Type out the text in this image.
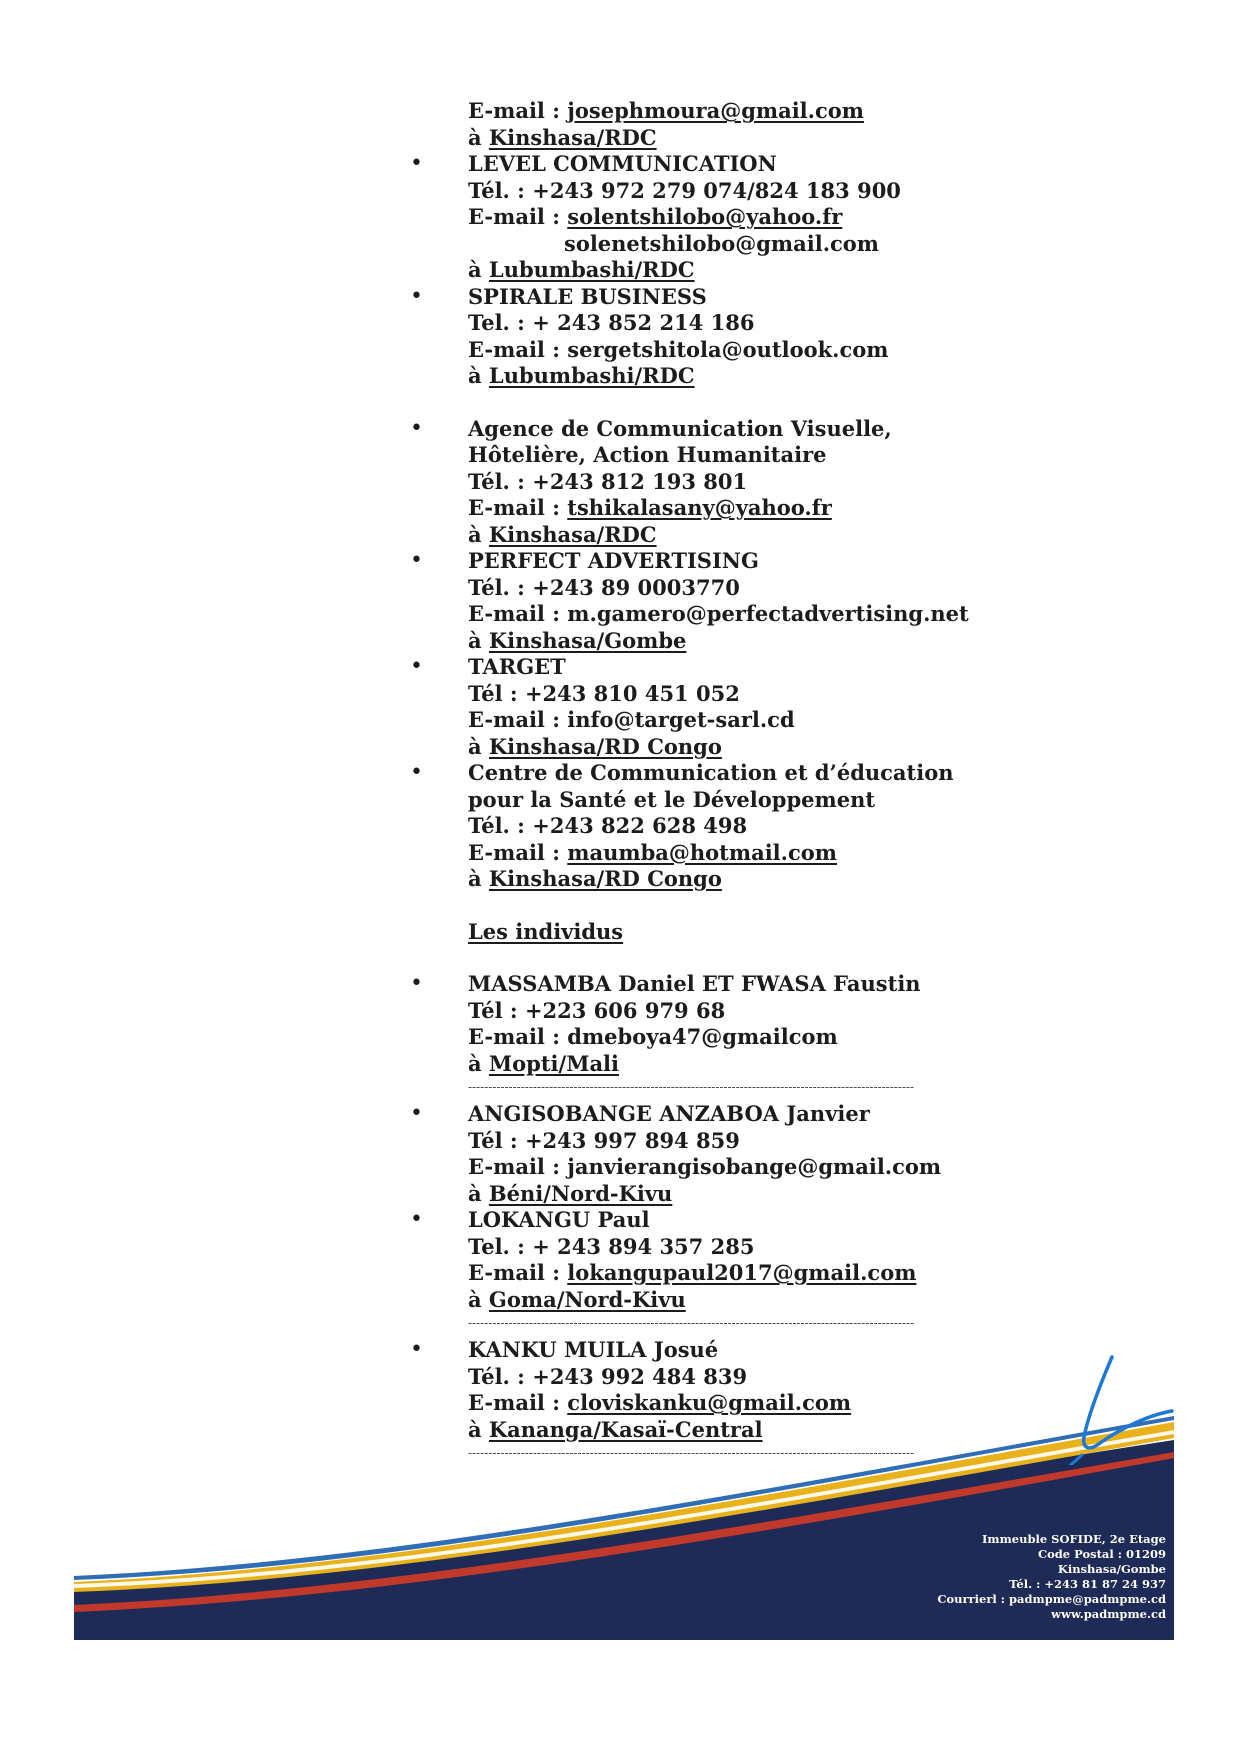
E-mail : josephmoura@gmail.com
à Kinshasa/RDC
• LEVEL COMMUNICATION
Tél. : +243 972 279 074/824 183 900
E-mail : solentshilobo@yahoo.fr
solenetshilobo@gmail.com
à Lubumbashi/RDC
• SPIRALE BUSINESS
Tel. : + 243 852 214 186
E-mail : sergetshitola@outlook.com
à Lubumbashi/RDC
• Agence de Communication Visuelle,
Hôtelière, Action Humanitaire
Tél. : +243 812 193 801
E-mail : tshikalasany@yahoo.fr
à Kinshasa/RDC
• PERFECT ADVERTISING
Tél. : +243 89 0003770
E-mail : m.gamero@perfectadvertising.net
à Kinshasa/Gombe
• TARGET
Tél : +243 810 451 052
E-mail : info@target-sarl.cd
à Kinshasa/RD Congo
• Centre de Communication et d’éducation
pour la Santé et le Développement
Tél. : +243 822 628 498
E-mail : maumba@hotmail.com
à Kinshasa/RD Congo
Les individus
• MASSAMBA Daniel ET FWASA Faustin
Tél : +223 606 979 68
E-mail : dmeboya47@gmailcom
à Mopti/Mali
--------------------------------------------------------------------------------------------------------------
• ANGISOBANGE ANZABOA Janvier
Tél : +243 997 894 859
E-mail : janvierangisobange@gmail.com
à Béni/Nord-Kivu
• LOKANGU Paul
Tel. : + 243 894 357 285
E-mail : lokangupaul2017@gmail.com
à Goma/Nord-Kivu
--------------------------------------------------------------------------------------------------------------
• KANKU MUILA Josué
Tél. : +243 992 484 839
E-mail : cloviskanku@gmail.com
à Kananga/Kasaï-Central
--------------------------------------------------------------------------------------------------------------
Immeuble SOFIDE, 2e Etage
Code Postal : 01209
Kinshasa/Gombe
Tél. : +243 81 87 24 937
Courrierl : padmpme@padmpme.cd
www.padmpme.cd
